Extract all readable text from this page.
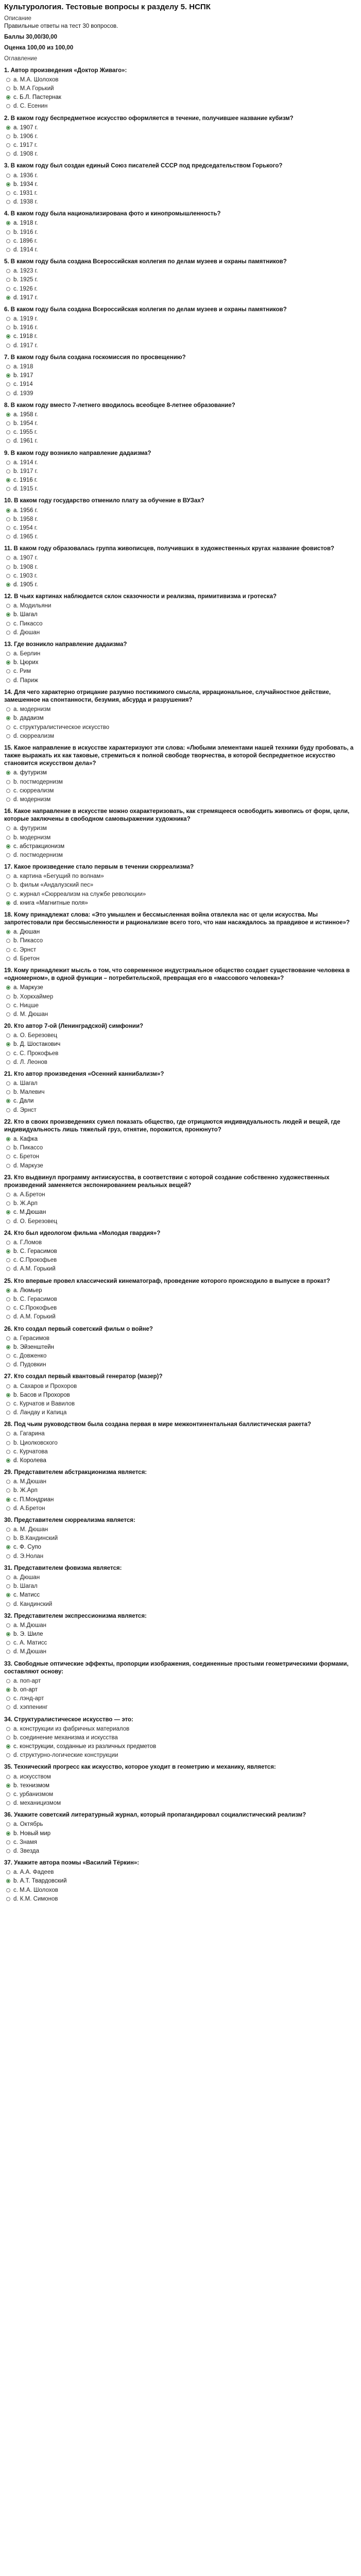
Культурология. Тестовые вопросы к разделу 5. НСПК
Описание
Правильные ответы на тест 30 вопросов.
Баллы 30,00/30,00
Оценка 100,00 из 100,00
Оглавление
1. Автор произведения «Доктор Живаго»:
а. М.А. Шолохов
b. М.А Горький
с. Б.Л. Пастернак
d. С. Есенин
2. В каком году беспредметное искусство оформляется в течение, получившее название кубизм?
а. 1907 г.
b. 1906 г.
с. 1917 г.
d. 1908 г.
3. В каком году был создан единый Союз писателей СССР под председательством Горького?
а. 1936 г.
b. 1934 г.
с. 1931 г.
d. 1938 г.
4. В каком году была национализирована фото и кинопромышленность?
а. 1918 г.
b. 1916 г.
с. 1896 г.
d. 1914 г.
5. В каком году была создана Всероссийская коллегия по делам музеев и охраны памятников?
а. 1923 г.
b. 1925 г.
с. 1926 г.
d. 1917 г.
6. В каком году была создана Всероссийская коллегия по делам музеев и охраны памятников?
а. 1919 г.
b. 1916 г.
с. 1918 г.
d. 1917 г.
7. В каком году была создана госкомиссия по просвещению?
а. 1918
b. 1917
с. 1914
d. 1939
8. В каком году вместо 7-летнего вводилось всеобщее 8-летнее образование?
а. 1958 г.
b. 1954 г.
с. 1955 г.
d. 1961 г.
9. В каком году возникло направление дадаизма?
а. 1914 г.
b. 1917 г.
с. 1916 г.
d. 1915 г.
10. В каком году государство отменило плату за обучение в ВУЗах?
а. 1956 г.
b. 1958 г.
с. 1954 г.
d. 1965 г.
11. В каком году образовалась группа живописцев, получивших в художественных кругах название фовистов?
а. 1907 г.
b. 1908 г.
с. 1903 г.
d. 1905 г.
12. В чьих картинах наблюдается склон сказочности и реализма, примитивизма и гротеска?
а. Модильяни
b. Шагал
с. Пикассо
d. Дюшан
13. Где возникло направление дадаизма?
а. Берлин
b. Цюрих
с. Рим
d. Париж
14. Для чего характерно отрицание разумно постижимого смысла, иррациональное, случайностное действие, замешенное на спонтанности, безумия, абсурда и разрушения?
а. модернизм
b. дадаизм
с. структуралистическое искусство
d. сюрреализм
15. Какое направление в искусстве характеризуют эти слова: «Любыми элементами нашей техники буду пробовать, а также выражать их как таковые, стремиться к полной свободе творчества, в которой беспредметное искусство становится искусством дела»?
а. футуризм
b. постмодернизм
с. сюрреализм
d. модернизм
16. Какое направление в искусстве можно охарактеризовать, как стремящееся освободить живопись от форм, цели, которые заключены в свободном самовыражении художника?
а. футуризм
b. модернизм
с. абстракционизм
d. постмодернизм
17. Какое произведение стало первым в течении сюрреализма?
а. картина «Бегущий по волнам»
b. фильм «Андалузский пес»
с. журнал «Сюрреализм на службе революции»
d. книга «Магнитные поля»
18. Кому принадлежат слова: «Это умышлен и бессмысленная война отвлекла нас от цели искусства. Мы запротестовали при бессмысленности и рационализме всего того, что нам насаждалось за правдивое и истинное»?
а. Дюшан
b. Пикассо
с. Эрнст
d. Бретон
19. Кому принадлежит мысль о том, что современное индустриальное общество создает существование человека в «одномерном», в одной функции – потребительской, превращая его в «массового человека»?
а. Маркузе
b. Хоркхаймер
с. Ницше
d. М. Дюшан
20. Кто автор 7-ой (Ленинградской) симфонии?
а. О. Березовец
b. Д. Шостакович
с. С. Прокофьев
d. Л. Леонов
21. Кто автор произведения «Осенний каннибализм»?
а. Шагал
b. Малевич
с. Дали
d. Эрнст
22. Кто в своих произведениях сумел показать общество, где отрицаются индивидуальность людей и вещей, где индивидуальность лишь тяжелый груз, отнятие, порожится, пронюнуто?
а. Кафка
b. Пикассо
с. Бретон
d. Маркузе
23. Кто выдвинул программу антиискусства, в соответствии с которой создание собственно художественных произведений заменяется экспонированием реальных вещей?
а. А.Бретон
b. Ж.Арп
с. М.Дюшан
d. О. Березовец
24. Кто был идеологом фильма «Молодая гвардия»?
а. Г.Ломов
b. С. Герасимов
с. С.Прокофьев
d. А.М. Горький
25. Кто впервые провел классический кинематограф, проведение которого происходило в выпуске в прокат?
а. Люмьер
b. С. Герасимов
с. С.Прокофьев
d. А.М. Горький
26. Кто создал первый советский фильм о войне?
а. Герасимов
b. Эйзенштейн
с. Довженко
d. Пудовкин
27. Кто создал первый квантовый генератор (мазер)?
а. Сахаров и Прохоров
b. Басов и Прохоров
с. Курчатов и Вавилов
d. Ландау и Капица
28. Под чьим руководством была создана первая в мире межконтинентальная баллистическая ракета?
а. Гагарина
b. Циолковского
с. Курчатова
d. Королева
29. Представителем абстракционизма является:
а. М.Дюшан
b. Ж.Арп
с. П.Мондриан
d. А.Бретон
30. Представителем сюрреализма является:
а. М. Дюшан
b. В.Кандинский
с. Ф. Супо
d. Э.Нолан
31. Представителем фовизма является:
а. Дюшан
b. Шагал
с. Матисс
d. Кандинский
32. Представителем экспрессионизма является:
а. М.Дюшан
b. Э. Шиле
с. А. Матисс
d. М.Дюшан
33. Свободные оптические эффекты, пропорции изображения, соединенные простыми геометрическими формами, составляют основу:
а. поп-арт
b. оп-арт
с. лэнд-арт
d. хэппенинг
34. Структуралистическое искусство — это:
а. конструкции из фабричных материалов
b. соединение механизма и искусства
с. конструкции, созданные из различных предметов
d. структурно-логические конструкции
35. Технический прогресс как искусство, которое уходит в геометрию и механику, является:
а. искусством
b. технизмом
с. урбанизмом
d. механицизмом
36. Укажите советский литературный журнал, который пропагандировал социалистический реализм?
а. Октябрь
b. Новый мир
с. Знамя
d. Звезда
37. Укажите автора поэмы «Василий Тёркин»:
а. А.А. Фадеев
b. А.Т. Твардовский
с. М.А. Шолохов
d. К.М. Симонов
